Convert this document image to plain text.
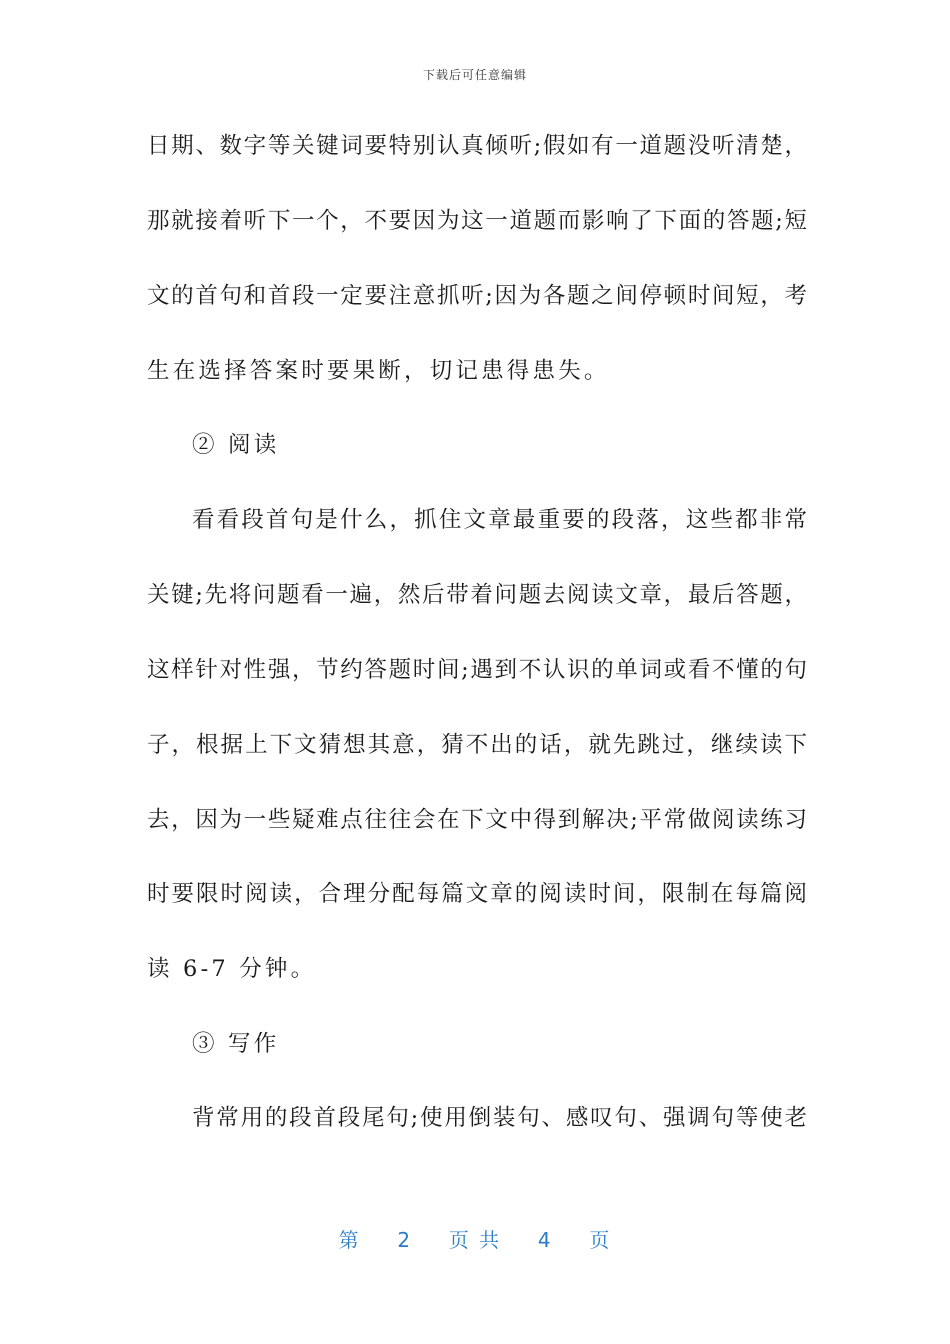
下载后可任意编辑
日期、数字等关键词要特别认真倾听;假如有一道题没听清楚，
那就接着听下一个，不要因为这一道题而影响了下面的答题;短
文的首句和首段一定要注意抓听;因为各题之间停顿时间短，考
生在选择答案时要果断，切记患得患失。
② 阅读
看看段首句是什么，抓住文章最重要的段落，这些都非常
关键;先将问题看一遍，然后带着问题去阅读文章，最后答题，
这样针对性强，节约答题时间;遇到不认识的单词或看不懂的句
子，根据上下文猜想其意，猜不出的话，就先跳过，继续读下
去，因为一些疑难点往往会在下文中得到解决;平常做阅读练习
时要限时阅读，合理分配每篇文章的阅读时间，限制在每篇阅
读 6-7 分钟。
③ 写作
背常用的段首段尾句;使用倒装句、感叹句、强调句等使老
第 2 页 共 4 页
